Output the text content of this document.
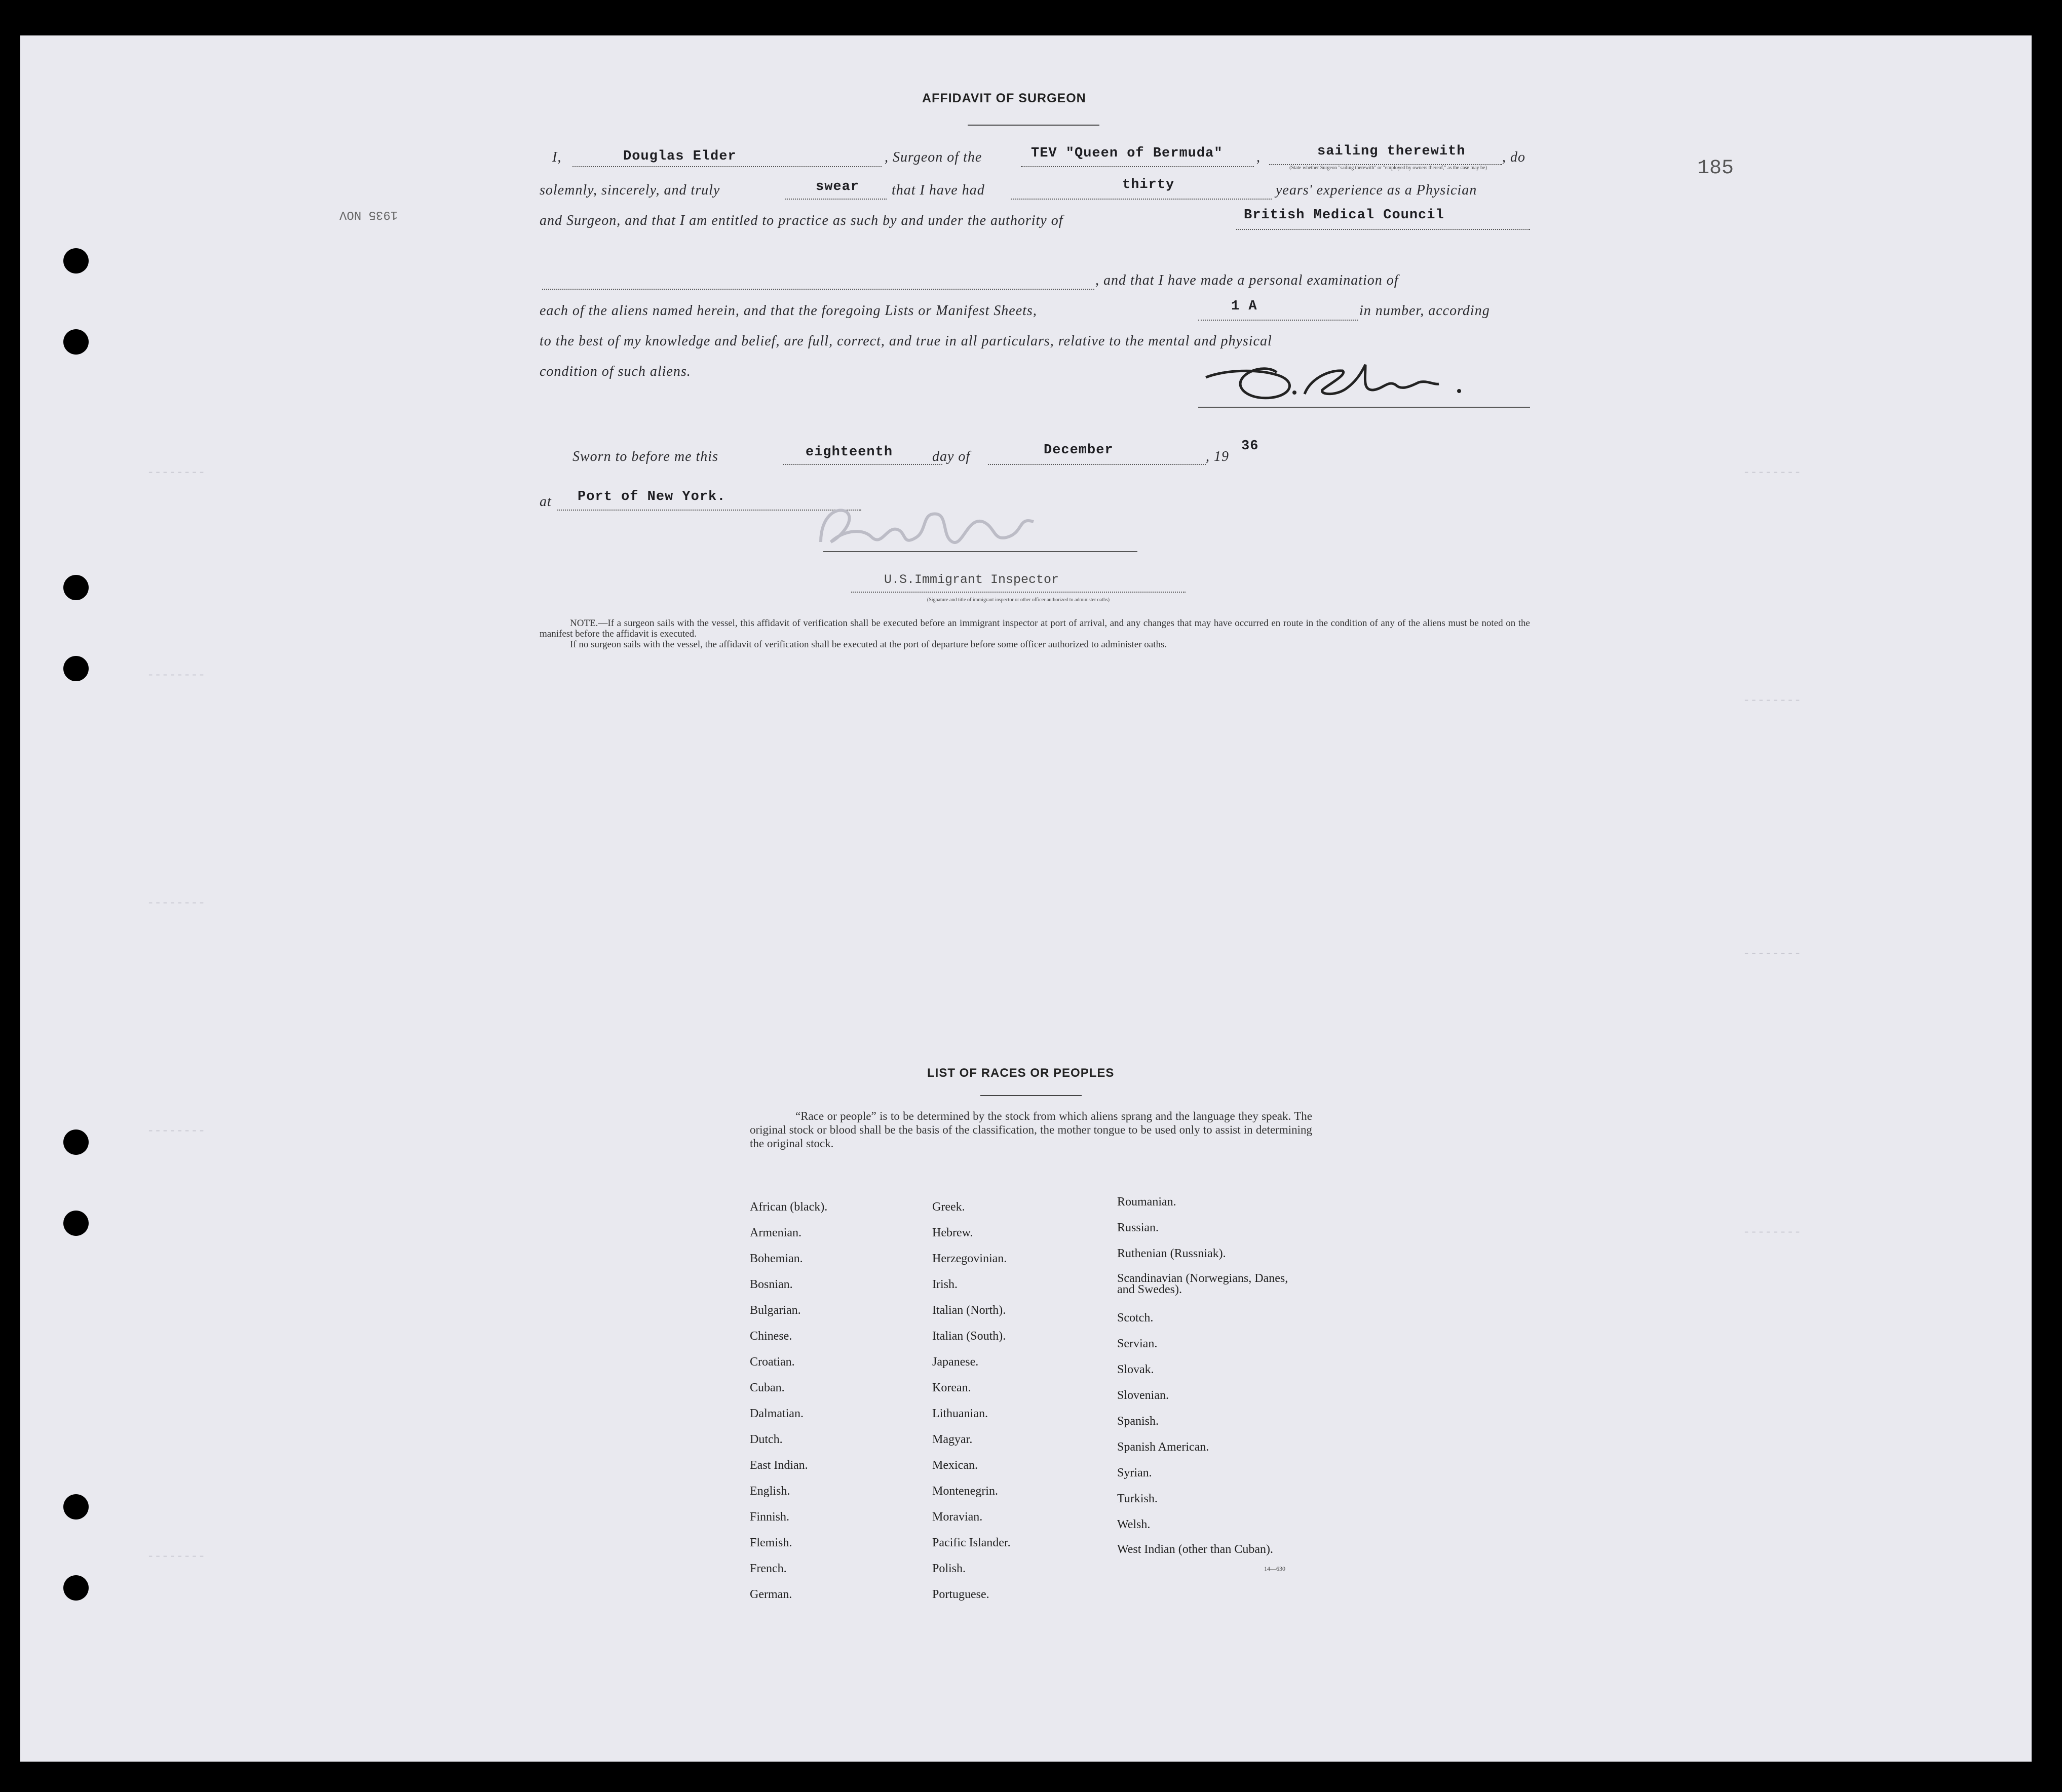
--------
--------
--------
--------
--------
--------
--------
--------
--------
1935 NOV
185
AFFIDAVIT OF SURGEON
I,	Douglas Elder	, Surgeon of the	TEV "Queen of Bermuda" ,	sailing therewith	, do
(State whether Surgeon "sailing therewith" or "employed by owners thereof," as the case may be)
solemnly, sincerely, and truly	swear that I have had	thirty	years' experience as a Physician
and Surgeon, and that I am entitled to practice as such by and under the authority of	British Medical Council
, and that I have made a personal examination of
each of the aliens named herein, and that the foregoing Lists or Manifest Sheets,	1 A	in number, according
to the best of my knowledge and belief, are full, correct, and true in all particulars, relative to the mental and physical
condition of such aliens.
Sworn to before me this	eighteenth	day of	December	, 19
36
at Port of New York.
U.S.Immigrant Inspector
(Signature and title of immigrant inspector or other officer authorized to administer oaths)
NOTE.—If a surgeon sails with the vessel, this affidavit of verification shall be executed before an immigrant inspector at port of arrival, and any changes that may have occurred en route in the condition of any of the aliens must be noted on the manifest before the affidavit is executed.
If no surgeon sails with the vessel, the affidavit of verification shall be executed at the port of departure before some officer authorized to administer oaths.
LIST OF RACES OR PEOPLES
“Race or people” is to be determined by the stock from which aliens sprang and the language they speak. The original stock or blood shall be the basis of the classification, the mother tongue to be used only to assist in determining the original stock.
African (black).
Armenian.
Bohemian.
Bosnian.
Bulgarian.
Chinese.
Croatian.
Cuban.
Dalmatian.
Dutch.
East Indian.
English.
Finnish.
Flemish.
French.
German.
Greek.
Hebrew.
Herzegovinian.
Irish.
Italian (North).
Italian (South).
Japanese.
Korean.
Lithuanian.
Magyar.
Mexican.
Montenegrin.
Moravian.
Pacific Islander.
Polish.
Portuguese.
Roumanian.
Russian.
Ruthenian (Russniak).
Scandinavian (Norwegians, Danes, and Swedes).
Scotch.
Servian.
Slovak.
Slovenian.
Spanish.
Spanish American.
Syrian.
Turkish.
Welsh.
West Indian (other than Cuban).
14—630
